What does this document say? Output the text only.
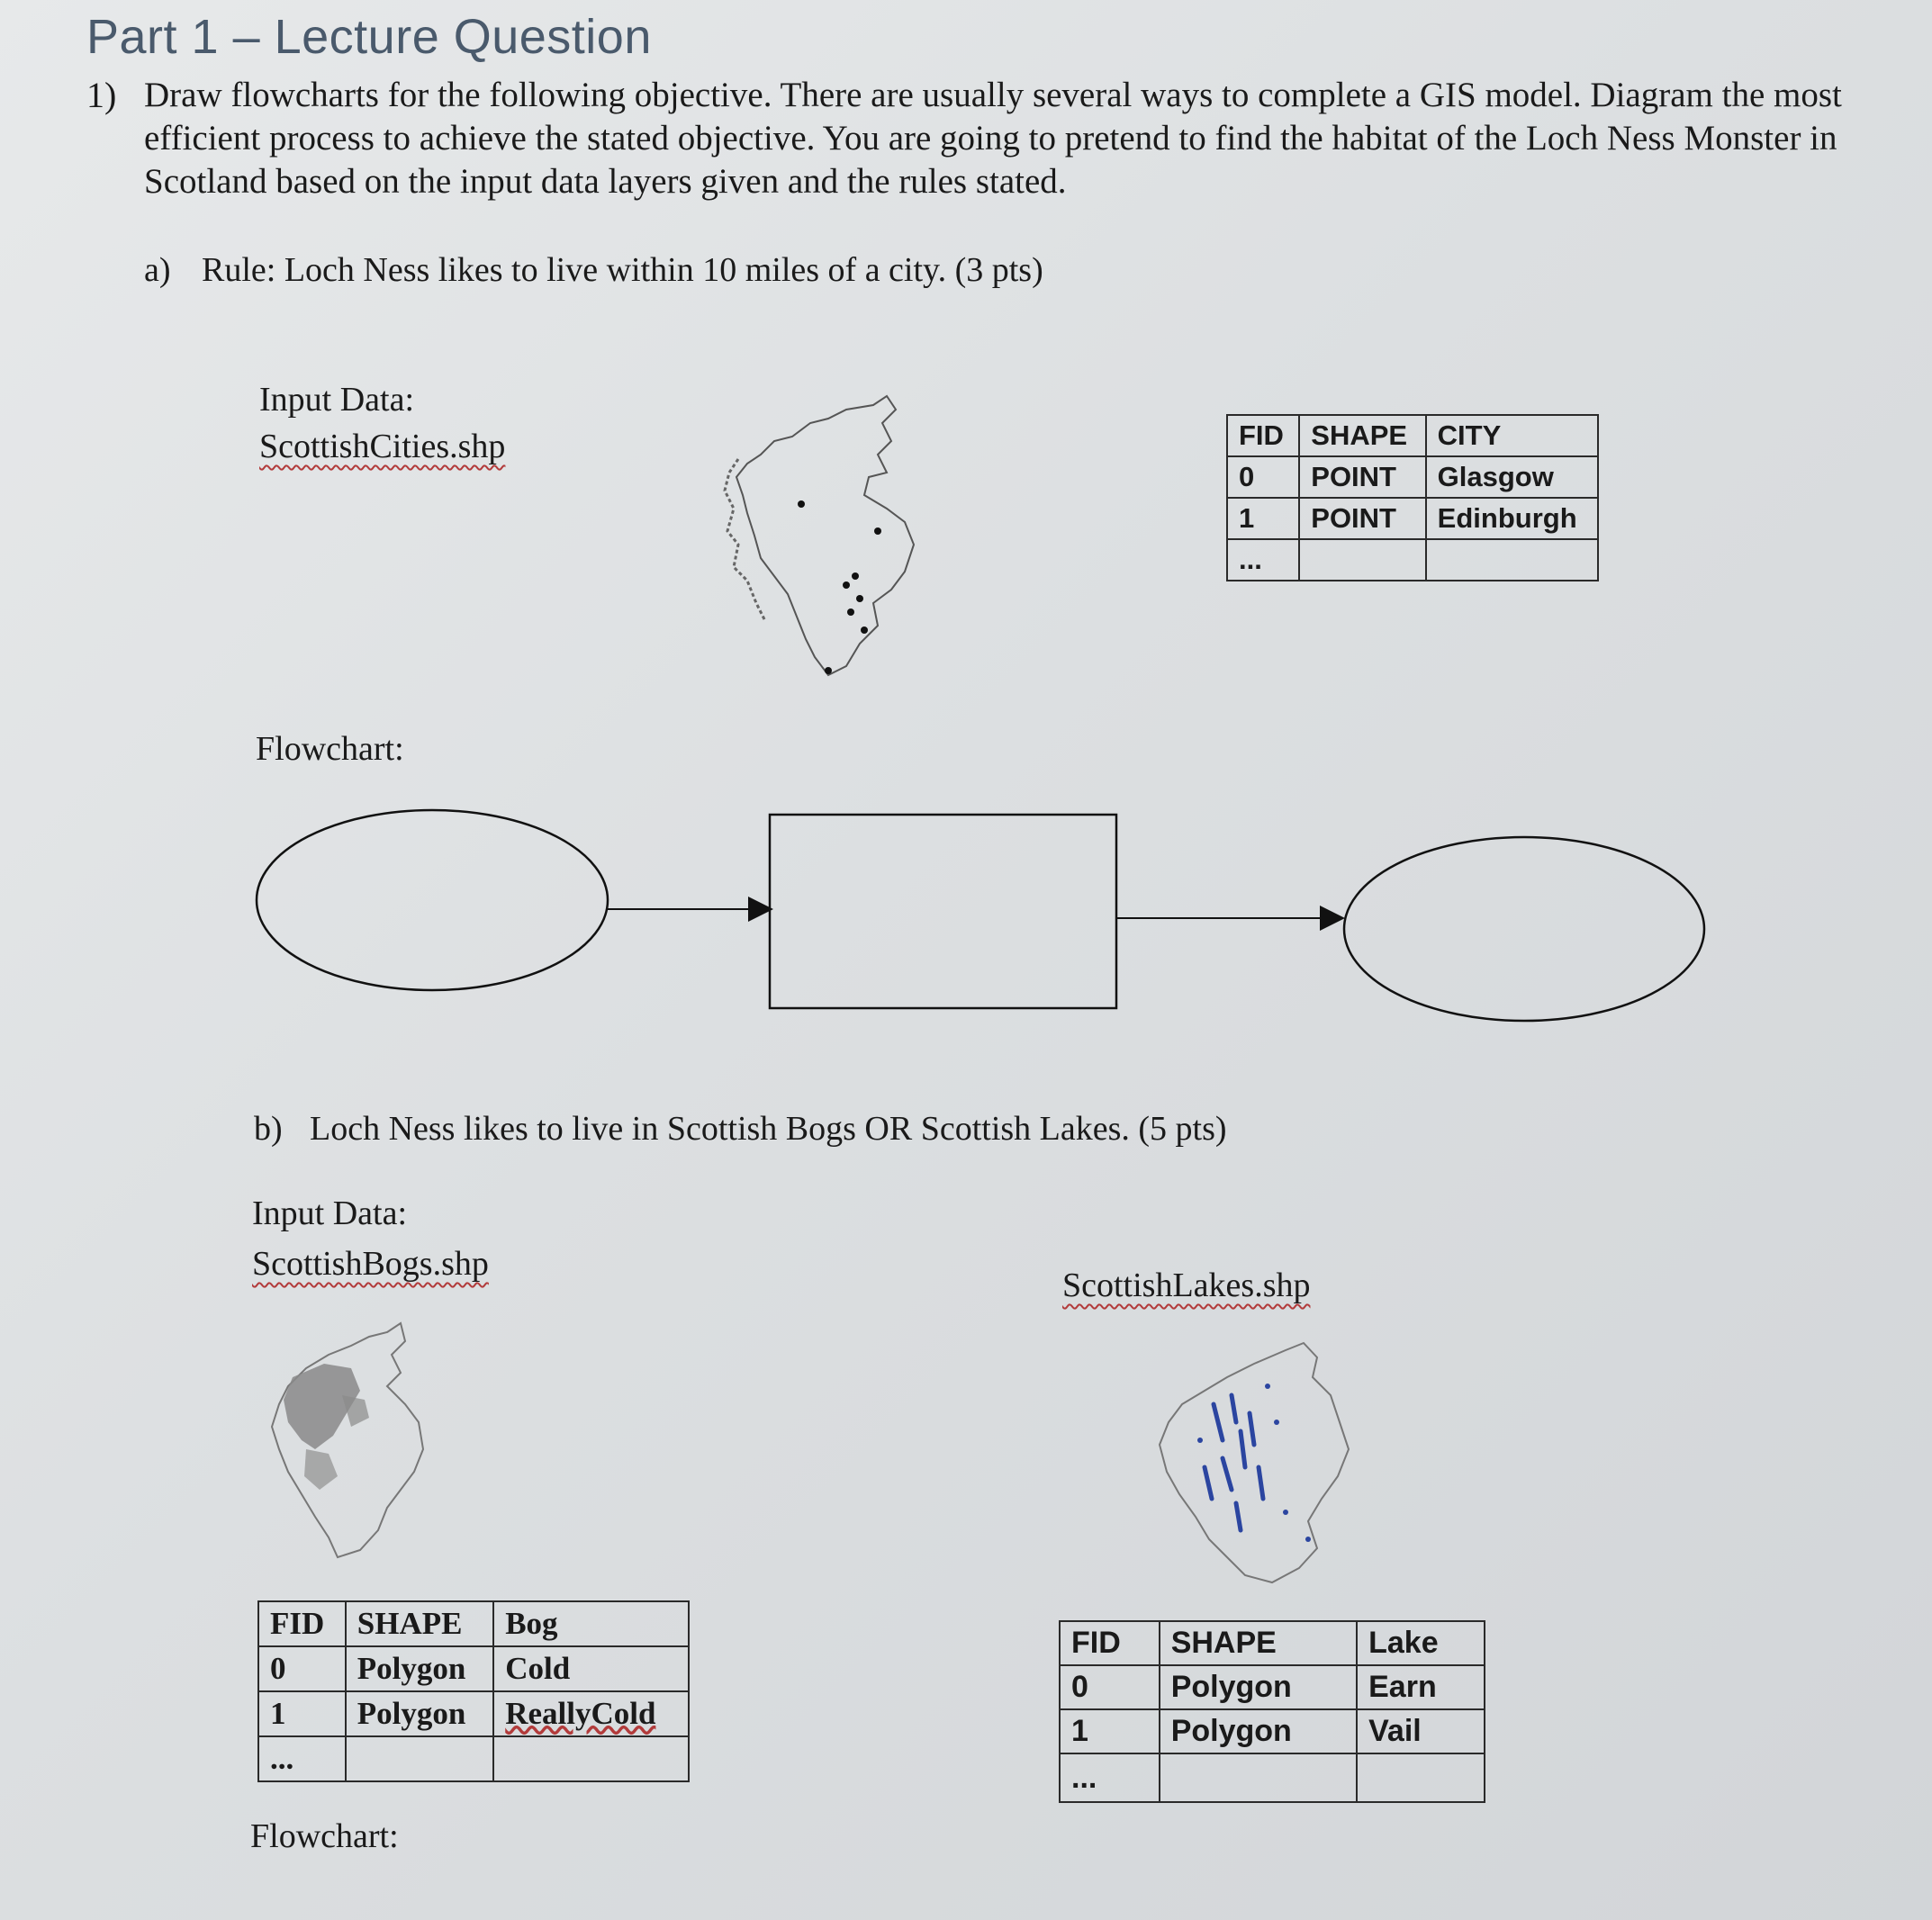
Part 1 – Lecture Question
1) Draw flowcharts for the following objective. There are usually several ways to complete a GIS model. Diagram the most efficient process to achieve the stated objective. You are going to pretend to find the habitat of the Loch Ness Monster in Scotland based on the input data layers given and the rules stated.

a) Rule: Loch Ness likes to live within 10 miles of a city. (3 pts)
Input Data:
ScottishCities.shp	FID	SHAPE	CITY
0	POINT	Glasgow
1	POINT	Edinburgh
...		
Flowchart:
b) Loch Ness likes to live in Scottish Bogs OR Scottish Lakes. (5 pts)
Input Data:
ScottishBogs.shp
ScottishLakes.shp
FID	SHAPE	Bog
0	Polygon	Cold
1	Polygon	ReallyCold
...		
FID	SHAPE	Lake
0	Polygon	Earn
1	Polygon	Vail
...		
Flowchart:
